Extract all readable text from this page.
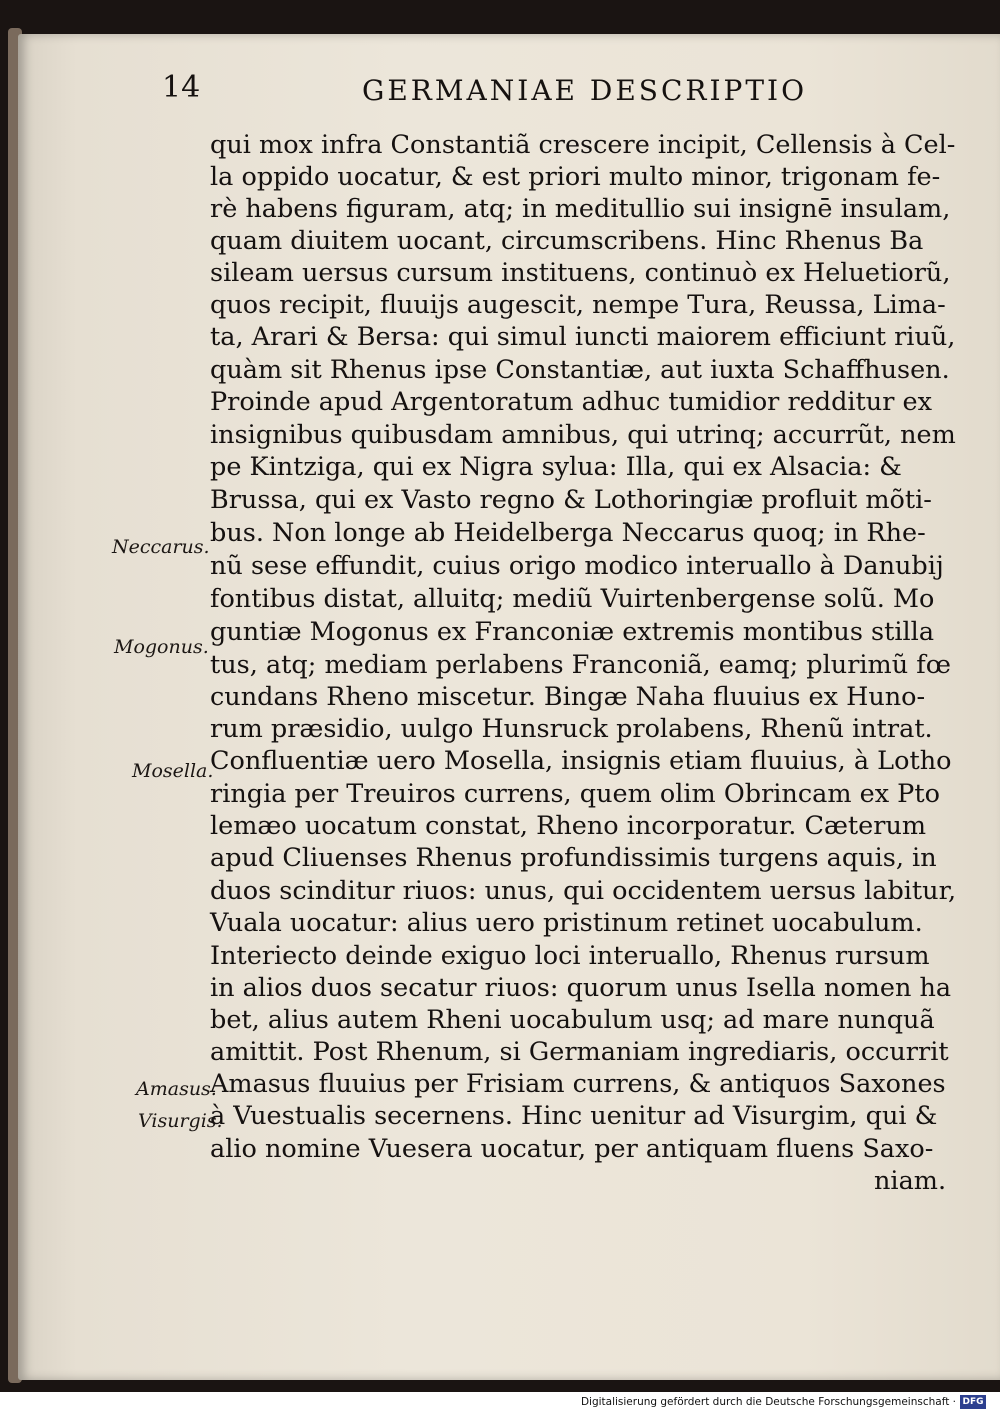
14	GERMANIAE DESCRIPTIO
Neccarus.
Mogonus.
Mosella.
Amasus.
Visurgis.
qui mox infra Constantiã crescere incipit, Cellensis à Cel-
la oppido uocatur, & est priori multo minor, trigonam fe-
rè habens figuram, atq; in meditullio sui insignē insulam,
quam diuitem uocant, circumscribens. Hinc Rhenus Ba
sileam uersus cursum instituens, continuò ex Heluetiorũ,
quos recipit, fluuijs augescit, nempe Tura, Reussa, Lima-
ta, Arari & Bersa: qui simul iuncti maiorem efficiunt riuũ,
quàm sit Rhenus ipse Constantiæ, aut iuxta Schaffhusen.
Proinde apud Argentoratum adhuc tumidior redditur ex
insignibus quibusdam amnibus, qui utrinq; accurrũt, nem
pe Kintziga, qui ex Nigra sylua: Illa, qui ex Alsacia: &
Brussa, qui ex Vasto regno & Lothoringiæ profluit mõti-
bus. Non longe ab Heidelberga Neccarus quoq; in Rhe-
nũ sese effundit, cuius origo modico interuallo à Danubij
fontibus distat, alluitq; mediũ Vuirtenbergense solũ. Mo
guntiæ Mogonus ex Franconiæ extremis montibus stilla
tus, atq; mediam perlabens Franconiã, eamq; plurimũ fœ
cundans Rheno miscetur. Bingæ Naha fluuius ex Huno-
rum præsidio, uulgo Hunsruck prolabens, Rhenũ intrat.
Confluentiæ uero Mosella, insignis etiam fluuius, à Lotho
ringia per Treuiros currens, quem olim Obrincam ex Pto
lemæo uocatum constat, Rheno incorporatur. Cæterum
apud Cliuenses Rhenus profundissimis turgens aquis, in
duos scinditur riuos: unus, qui occidentem uersus labitur,
Vuala uocatur: alius uero pristinum retinet uocabulum.
Interiecto deinde exiguo loci interuallo, Rhenus rursum
in alios duos secatur riuos: quorum unus Isella nomen ha
bet, alius autem Rheni uocabulum usq; ad mare nunquã
amittit. Post Rhenum, si Germaniam ingrediaris, occurrit
Amasus fluuius per Frisiam currens, & antiquos Saxones
à Vuestualis secernens. Hinc uenitur ad Visurgim, qui &
alio nomine Vuesera uocatur, per antiquam fluens Saxo-
niam.
Digitalisierung gefördert durch die Deutsche Forschungsgemeinschaft · DFG
